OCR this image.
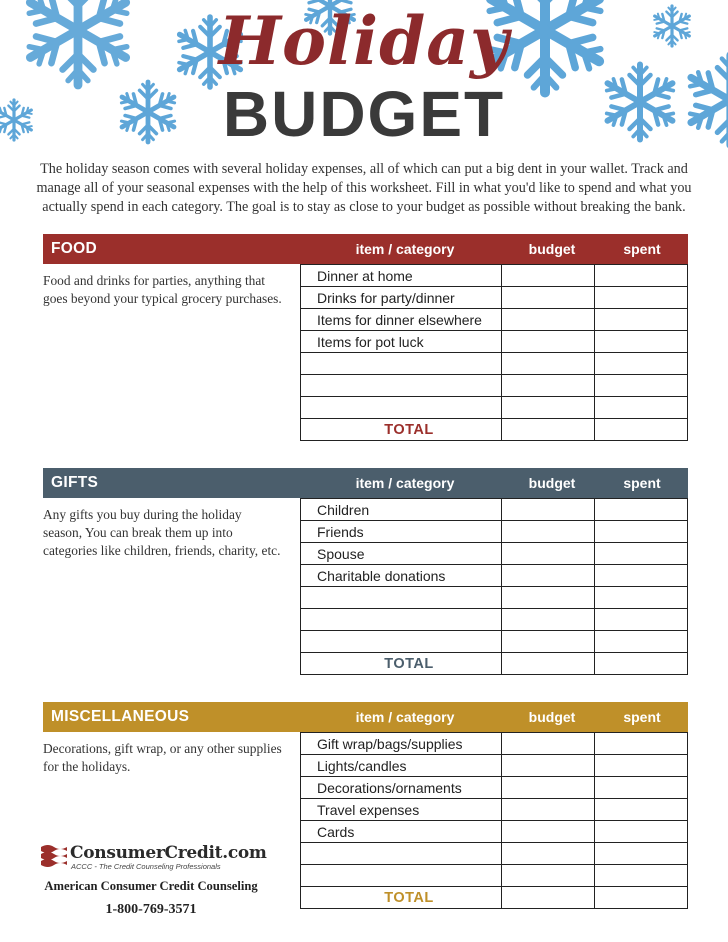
Holiday
BUDGET

The holiday season comes with several holiday expenses, all of which can put a big dent in your wallet. Track and manage all of your seasonal expenses with the help of this worksheet. Fill in what you'd like to spend and what you actually spend in each category. The goal is to stay as close to your budget as possible without breaking the bank.

FOOD	item / category	budget	spent

Food and drinks for parties, anything that goes beyond your typical grocery purchases.

Dinner at home		
Drinks for party/dinner		
Items for dinner elsewhere		
Items for pot luck		

TOTAL		
GIFTS	item / category	budget	spent

Any gifts you buy during the holiday season, You can break them up into categories like children, friends, charity, etc.

Children		
Friends		
Spouse		
Charitable donations		

TOTAL		
MISCELLANEOUS	item / category	budget	spent

Decorations, gift wrap, or any other supplies for the holidays.

Gift wrap/bags/supplies		
Lights/candles		
Decorations/ornaments		
Travel expenses		
Cards		

TOTAL		
ConsumerCredit.com
ACCC - The Credit Counseling Professionals
American Consumer Credit Counseling
1-800-769-3571
